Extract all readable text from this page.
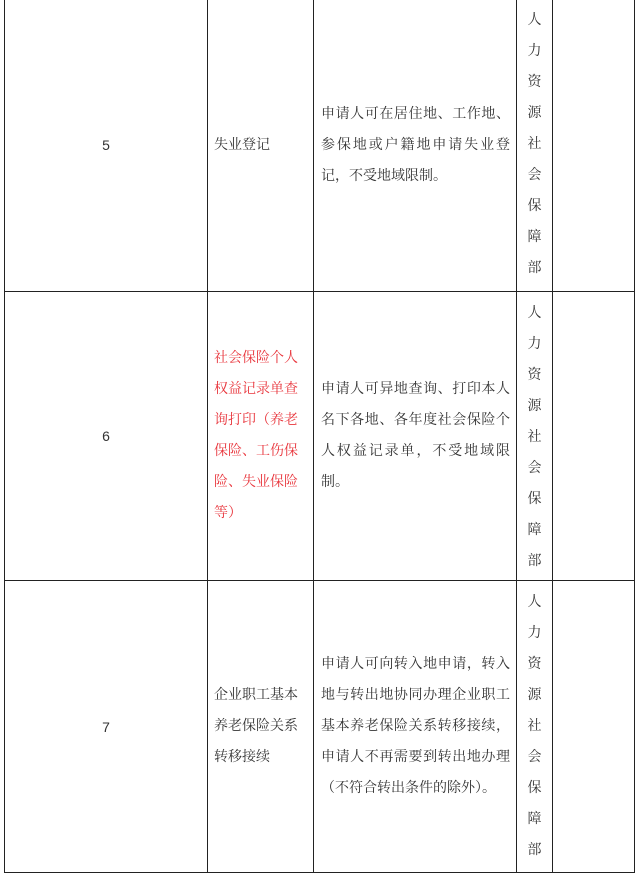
5	失业登记	申请人可在居住地、工作地、参保地或户籍地申请失业登记，不受地域限制。	人力资源社会保障部	

6	社会保险个人权益记录单查询打印（养老保险、工伤保险、失业保险等）	申请人可异地查询、打印本人名下各地、各年度社会保险个人权益记录单，不受地域限制。	人力资源社会保障部	

7	企业职工基本养老保险关系转移接续	申请人可向转入地申请，转入地与转出地协同办理企业职工基本养老保险关系转移接续，申请人不再需要到转出地办理（不符合转出条件的除外）。	人力资源社会保障部	
